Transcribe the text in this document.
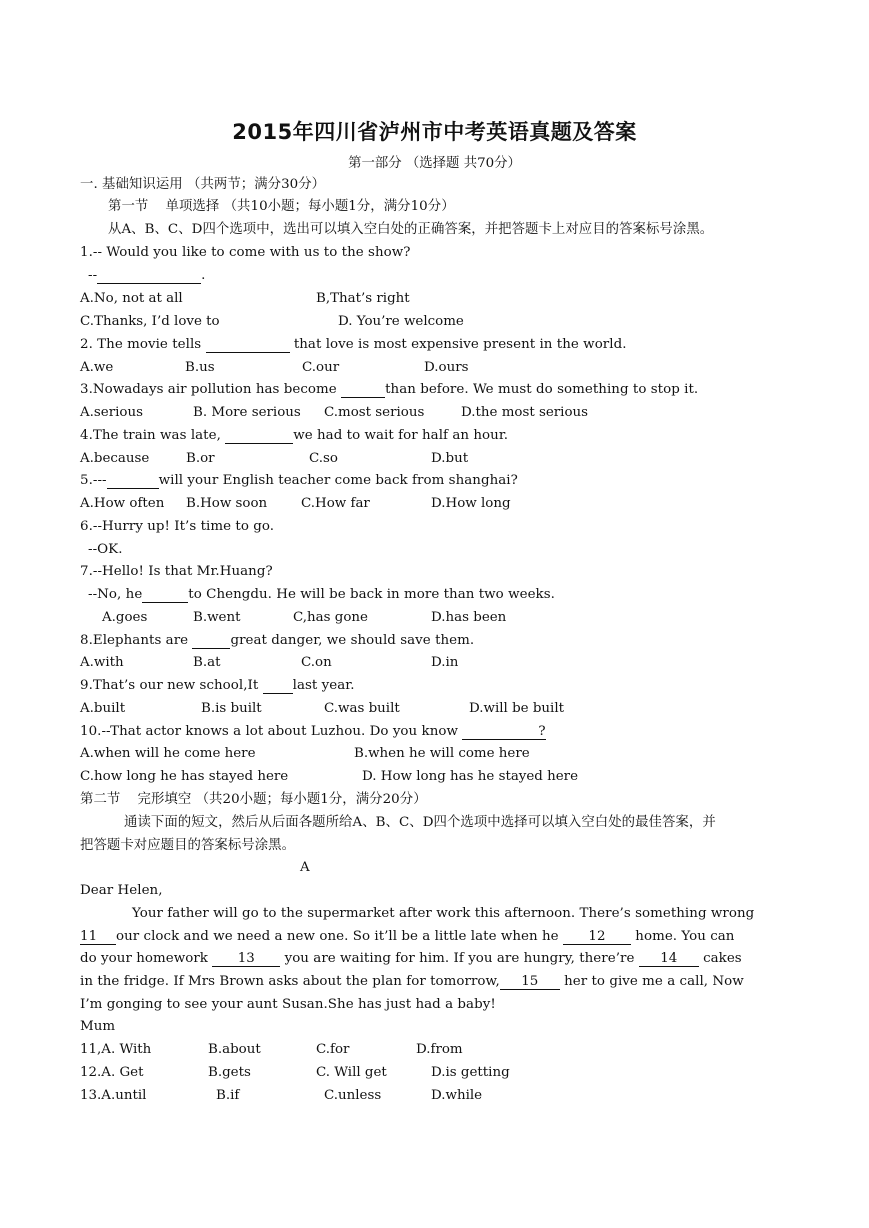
2015年四川省泸州市中考英语真题及答案
第一部分 （选择题 共70分）
一. 基础知识运用 （共两节；满分30分）
第一节    单项选择 （共10小题；每小题1分，满分10分）
从A、B、C、D四个选项中，选出可以填入空白处的正确答案，并把答题卡上对应目的答案标号涂黑。
1.-- Would you like to come with us to the show?
--	.
A.No, not at all	B,That’s right
C.Thanks, I’d love to	D. You’re welcome
2. The movie tells	that love is most expensive present in the world.
A.we	B.us	C.our	D.ours
3.Nowadays air pollution has become	than before. We must do something to stop it.
A.serious	B. More serious C.most serious	D.the most serious
4.The train was late,	we had to wait for half an hour.
A.because	B.or	C.so	D.but
5.---	will your English teacher come back from shanghai?
A.How often B.How soon	C.How far	D.How long
6.--Hurry up! It’s time to go.
--OK.
7.--Hello! Is that Mr.Huang?
--No, he	to Chengdu. He will be back in more than two weeks.
A.goes	B.went	C,has gone	D.has been
8.Elephants are	great danger, we should save them.
A.with	B.at	C.on	D.in
9.That’s our new school,It	last year.
A.built	B.is built	C.was built	D.will be built
10.--That actor knows a lot about Luzhou. Do you know	?
A.when will he come here	B.when he will come here
C.how long he has stayed here	D. How long has he stayed here
第二节    完形填空 （共20小题；每小题1分，满分20分）
通读下面的短文，然后从后面各题所给A、B、C、D四个选项中选择可以填入空白处的最佳答案，并
把答题卡对应题目的答案标号涂黑。
A
Dear Helen,
Your father will go to the supermarket after work this afternoon. There’s something wrong
11 our clock and we need a new one. So it’ll be a little late when he 12 home. You can
do your homework 13 you are waiting for him. If you are hungry, there’re 14 cakes
in the fridge. If Mrs Brown asks about the plan for tomorrow, 15 her to give me a call, Now
I’m gonging to see your aunt Susan.She has just had a baby!
Mum
11,A. With	B.about	C.for	D.from
12.A. Get	B.gets	C. Will get	D.is getting
13.A.until	B.if	C.unless	D.while
